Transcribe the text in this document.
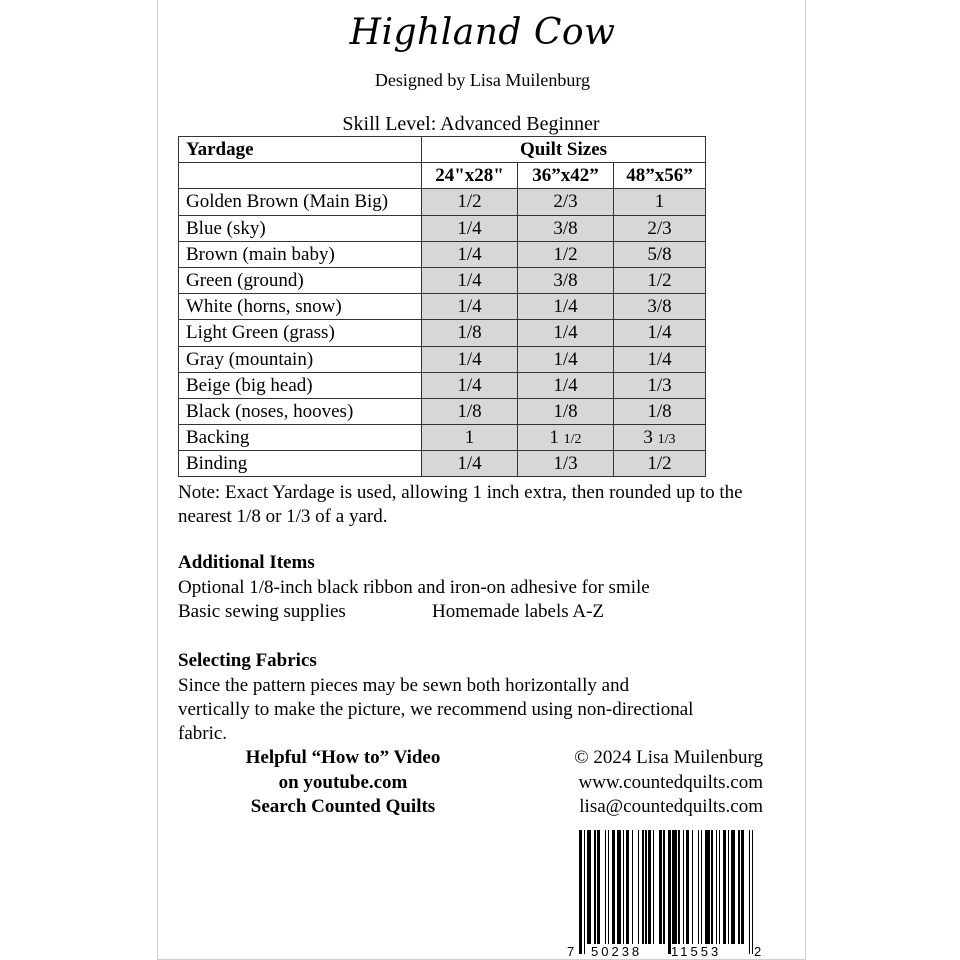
Highland Cow
Designed by Lisa Muilenburg
Skill Level: Advanced Beginner
Yardage	Quilt Sizes		
	24"x28"	36”x42”	48”x56”
Golden Brown (Main Big)	1/2	2/3	1
Blue (sky)	1/4	3/8	2/3
Brown (main baby)	1/4	1/2	5/8
Green (ground)	1/4	3/8	1/2
White (horns, snow)	1/4	1/4	3/8
Light Green (grass)	1/8	1/4	1/4
Gray (mountain)	1/4	1/4	1/4
Beige (big head)	1/4	1/4	1/3
Black (noses, hooves)	1/8	1/8	1/8
Backing	1	1 1/2	3 1/3
Binding	1/4	1/3	1/2
Note: Exact Yardage is used, allowing 1 inch extra, then rounded up to the nearest 1/8 or 1/3 of a yard.
Additional Items
Optional 1/8-inch black ribbon and iron-on adhesive for smile
Basic sewing supplies	Homemade labels A-Z
Selecting Fabrics
Since the pattern pieces may be sewn both horizontally and
vertically to make the picture, we recommend using non-directional
fabric.
Helpful “How to” Video
on youtube.com
Search Counted Quilts
© 2024 Lisa Muilenburg
www.countedquilts.com
lisa@countedquilts.com
7 50238 11553	2
